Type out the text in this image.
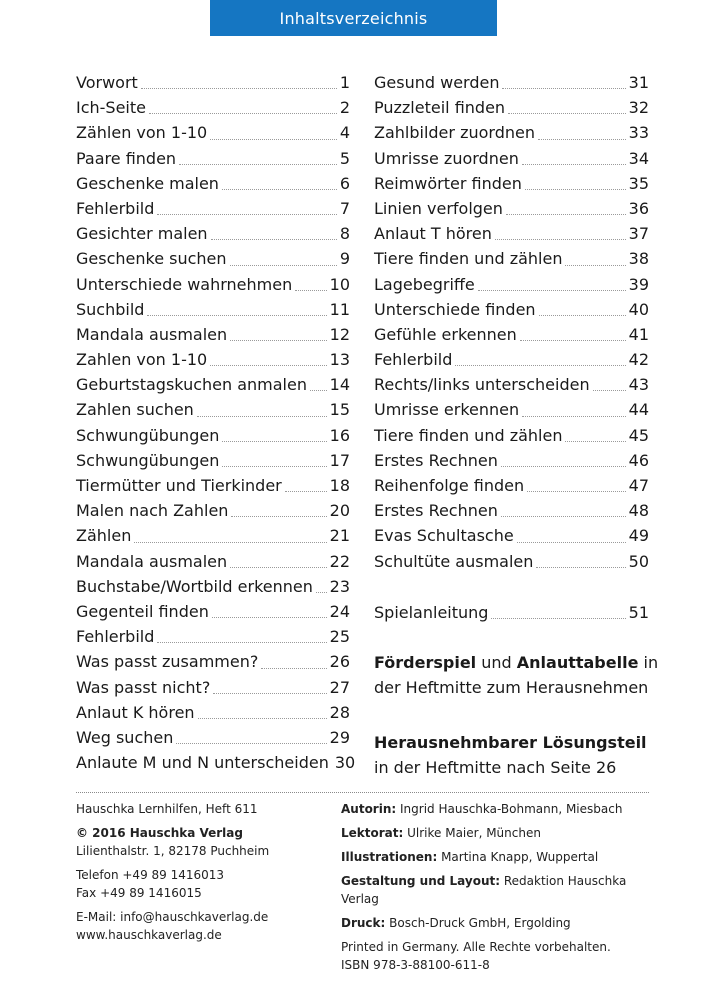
Inhaltsverzeichnis
Vorwort	1
Ich-Seite	2
Zählen von 1-10	4
Paare finden	5
Geschenke malen	6
Fehlerbild	7
Gesichter malen	8
Geschenke suchen	9
Unterschiede wahrnehmen 10
Suchbild	11
Mandala ausmalen	12
Zahlen von 1-10	13
Geburtstagskuchen anmalen 14
Zahlen suchen	15
Schwungübungen	16
Schwungübungen	17
Tiermütter und Tierkinder	18
Malen nach Zahlen	20
Zählen	21
Mandala ausmalen	22
Buchstabe/Wortbild erkennen 23
Gegenteil finden	24
Fehlerbild	25
Was passt zusammen?	26
Was passt nicht?	27
Anlaut K hören	28
Weg suchen	29
Anlaute M und N unterscheiden 30
Gesund werden	31
Puzzleteil finden	32
Zahlbilder zuordnen	33
Umrisse zuordnen	34
Reimwörter finden	35
Linien verfolgen	36
Anlaut T hören	37
Tiere finden und zählen	38
Lagebegriffe	39
Unterschiede finden	40
Gefühle erkennen	41
Fehlerbild	42
Rechts/links unterscheiden 43
Umrisse erkennen	44
Tiere finden und zählen	45
Erstes Rechnen	46
Reihenfolge finden	47
Erstes Rechnen	48
Evas Schultasche	49
Schultüte ausmalen	50
Spielanleitung	51
Förderspiel und Anlauttabelle in der Heftmitte zum Herausnehmen
Herausnehmbarer Lösungsteil
in der Heftmitte nach Seite 26
Hauschka Lernhilfen, Heft 611
© 2016 Hauschka Verlag
Lilienthalstr. 1, 82178 Puchheim
Telefon +49 89 1416013
Fax +49 89 1416015
E-Mail: info@hauschkaverlag.de
www.hauschkaverlag.de
Autorin: Ingrid Hauschka-Bohmann, Miesbach
Lektorat: Ulrike Maier, München
Illustrationen: Martina Knapp, Wuppertal
Gestaltung und Layout: Redaktion Hauschka Verlag
Druck: Bosch-Druck GmbH, Ergolding
Printed in Germany. Alle Rechte vorbehalten.
ISBN 978-3-88100-611-8
